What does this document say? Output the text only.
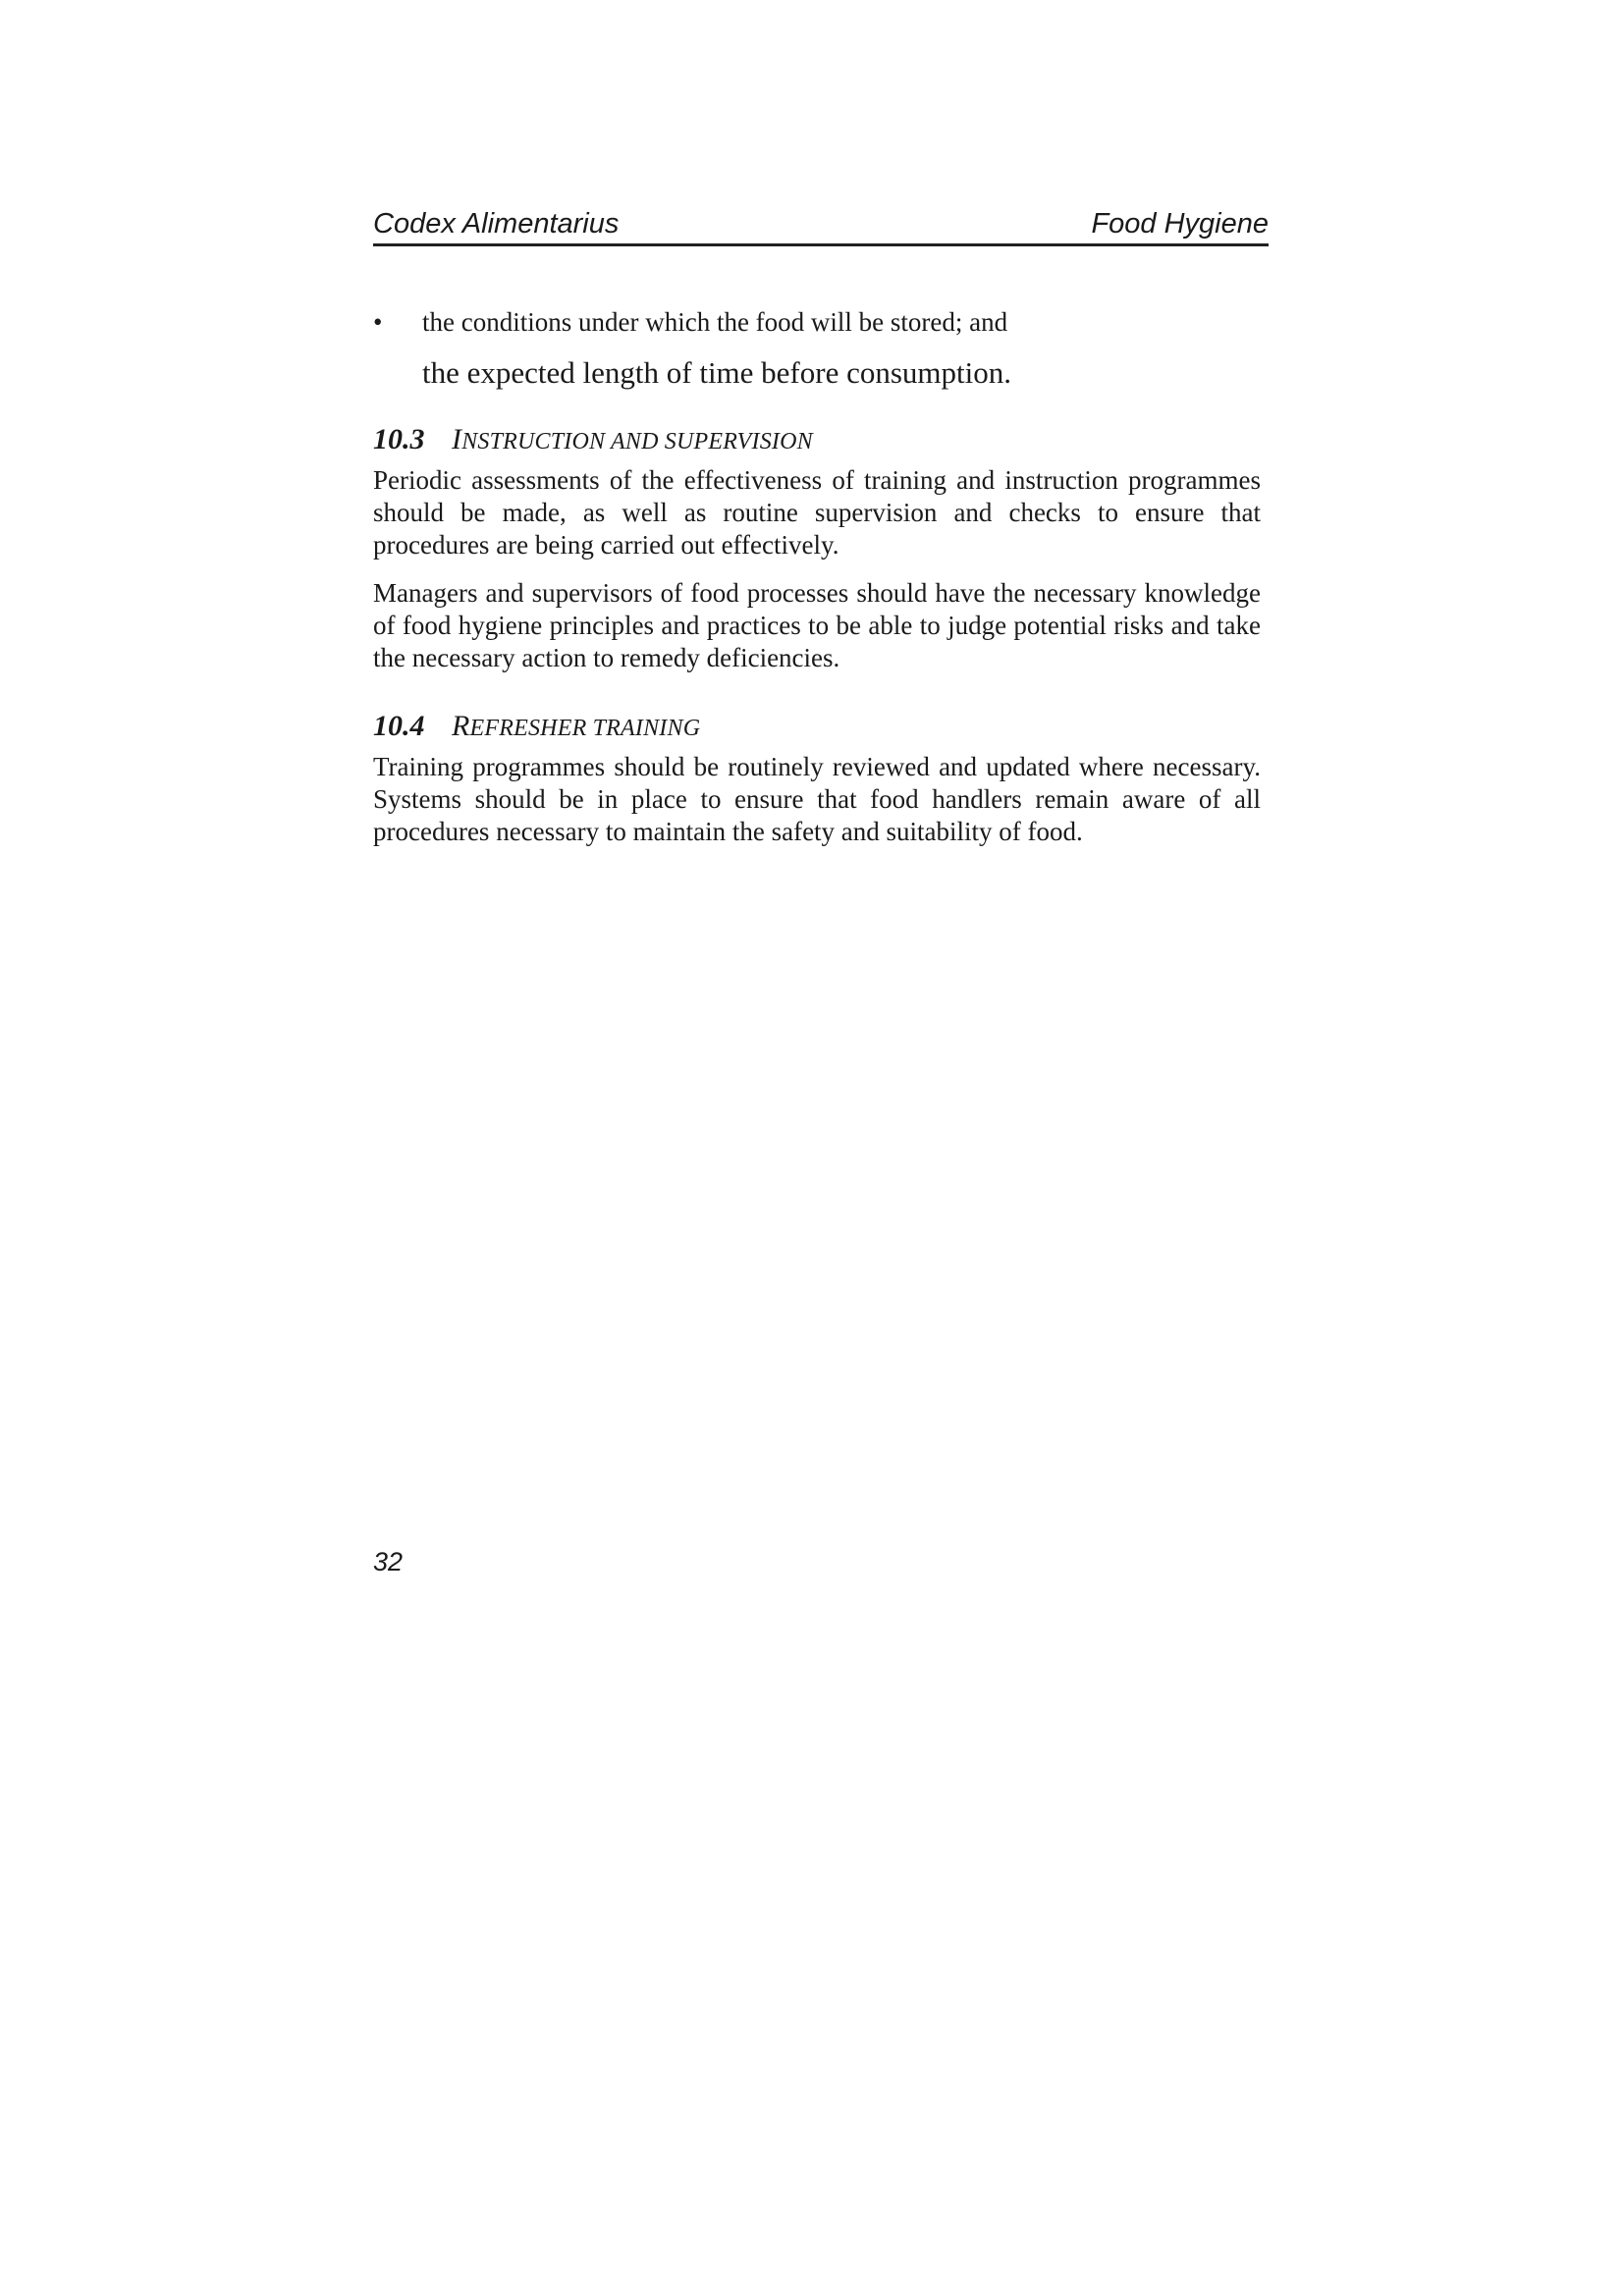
Codex Alimentarius	Food Hygiene

• the conditions under which the food will be stored; and

the expected length of time before consumption.

10.3 INSTRUCTION AND SUPERVISION

Periodic assessments of the effectiveness of training and instruction programmes should be made, as well as routine supervision and checks to ensure that procedures are being carried out effectively.

Managers and supervisors of food processes should have the necessary knowledge of food hygiene principles and practices to be able to judge potential risks and take the necessary action to remedy deficiencies.

10.4 REFRESHER TRAINING

Training programmes should be routinely reviewed and updated where necessary. Systems should be in place to ensure that food handlers remain aware of all procedures necessary to maintain the safety and suitability of food.

32
